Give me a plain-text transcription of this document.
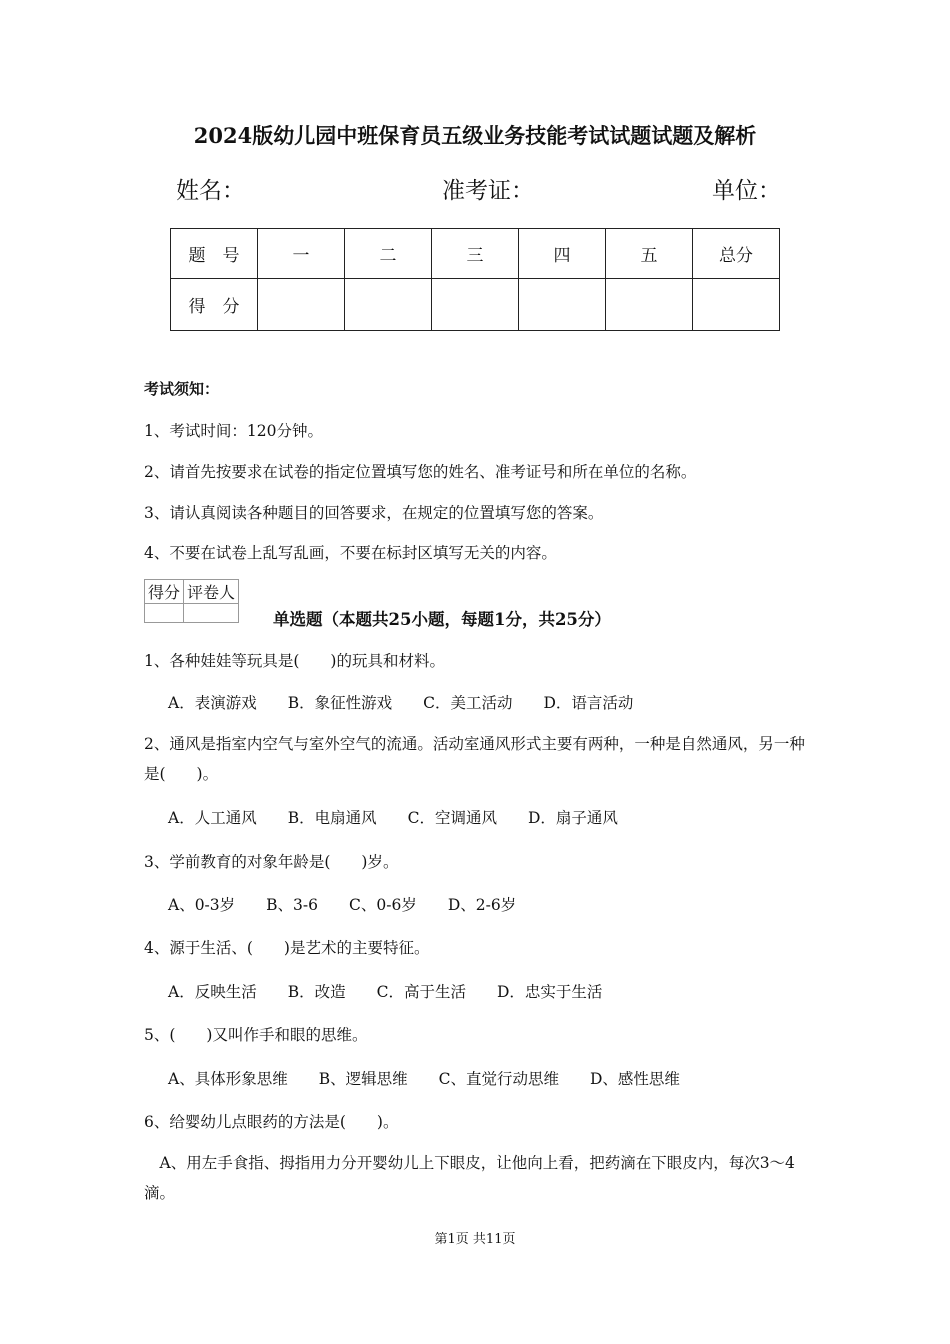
2024版幼儿园中班保育员五级业务技能考试试题试题及解析
姓名：	准考证：	单位：
题　号	一	二	三	四	五	总分
得　分						
考试须知：
1、考试时间：120分钟。
2、请首先按要求在试卷的指定位置填写您的姓名、准考证号和所在单位的名称。
3、请认真阅读各种题目的回答要求，在规定的位置填写您的答案。
4、不要在试卷上乱写乱画，不要在标封区填写无关的内容。
得分	评卷人

单选题（本题共25小题，每题1分，共25分）
1、各种娃娃等玩具是(　　)的玩具和材料。
A．表演游戏　　B．象征性游戏　　C．美工活动　　D．语言活动
2、通风是指室内空气与室外空气的流通。活动室通风形式主要有两种，一种是自然通风，另一种是(　　)。
A．人工通风　　B．电扇通风　　C．空调通风　　D．扇子通风
3、学前教育的对象年龄是(　　)岁。
A、0-3岁　　B、3-6　　C、0-6岁　　D、2-6岁
4、源于生活、(　　)是艺术的主要特征。
A．反映生活　　B．改造　　C．高于生活　　D．忠实于生活
5、(　　)又叫作手和眼的思维。
A、具体形象思维　　B、逻辑思维　　C、直觉行动思维　　D、感性思维
6、给婴幼儿点眼药的方法是(　　)。
　A、用左手食指、拇指用力分开婴幼儿上下眼皮，让他向上看，把药滴在下眼皮内，每次3～4滴。
第1页 共11页
